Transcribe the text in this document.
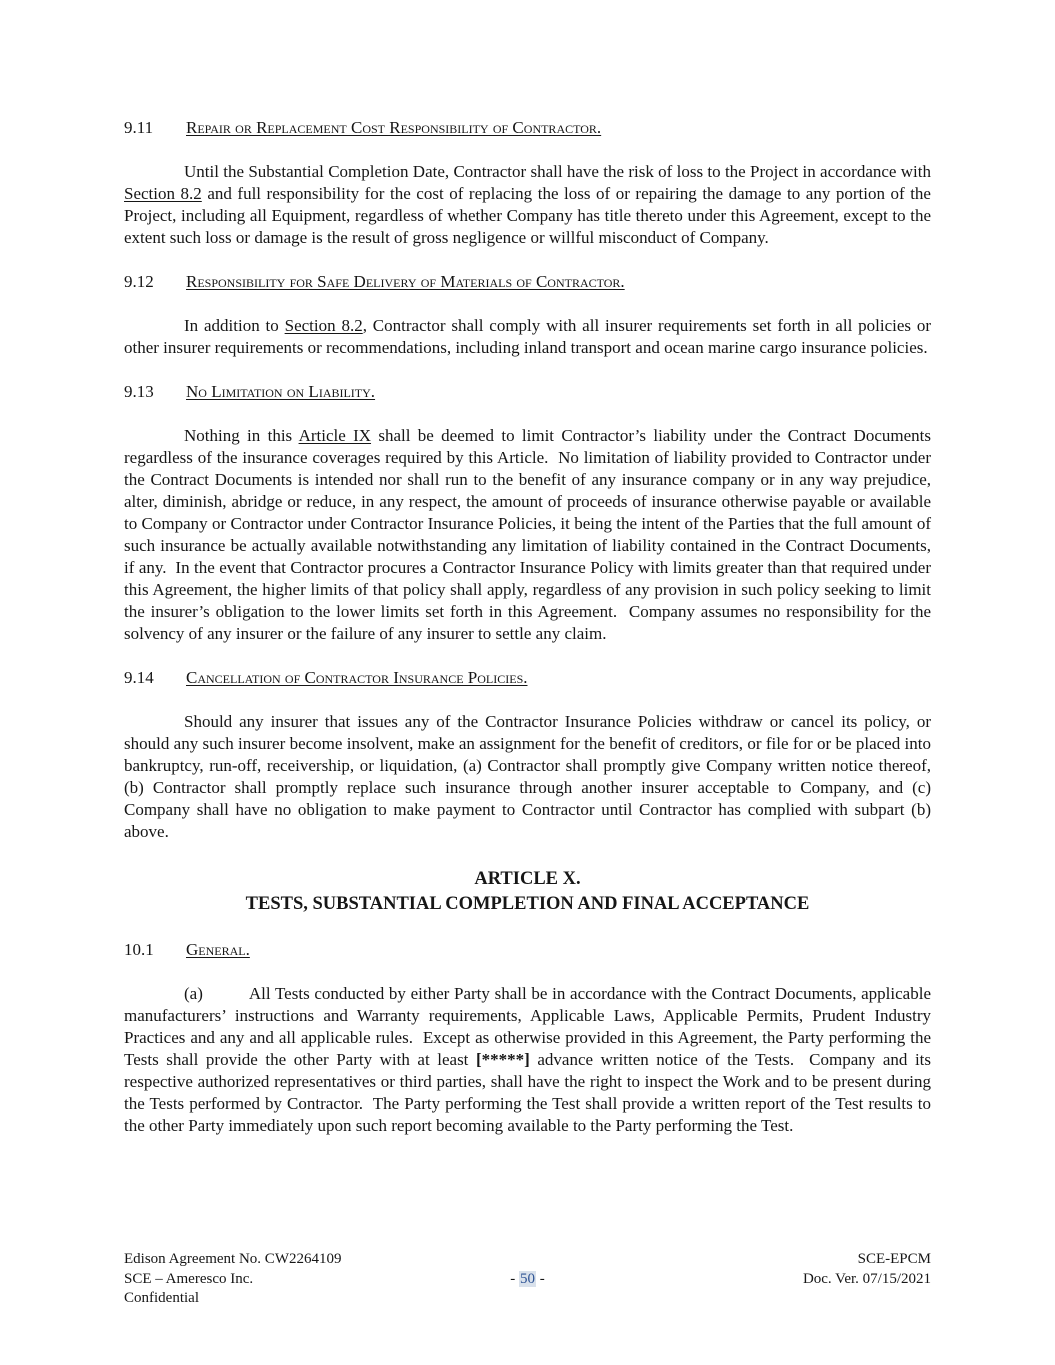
9.11	Repair or Replacement Cost Responsibility of Contractor.

Until the Substantial Completion Date, Contractor shall have the risk of loss to the Project in accordance with Section 8.2 and full responsibility for the cost of replacing the loss of or repairing the damage to any portion of the Project, including all Equipment, regardless of whether Company has title thereto under this Agreement, except to the extent such loss or damage is the result of gross negligence or willful misconduct of Company.

9.12	Responsibility for Safe Delivery of Materials of Contractor.

In addition to Section 8.2, Contractor shall comply with all insurer requirements set forth in all policies or other insurer requirements or recommendations, including inland transport and ocean marine cargo insurance policies.

9.13	No Limitation on Liability.

Nothing in this Article IX shall be deemed to limit Contractor’s liability under the Contract Documents regardless of the insurance coverages required by this Article.  No limitation of liability provided to Contractor under the Contract Documents is intended nor shall run to the benefit of any insurance company or in any way prejudice, alter, diminish, abridge or reduce, in any respect, the amount of proceeds of insurance otherwise payable or available to Company or Contractor under Contractor Insurance Policies, it being the intent of the Parties that the full amount of such insurance be actually available notwithstanding any limitation of liability contained in the Contract Documents, if any.  In the event that Contractor procures a Contractor Insurance Policy with limits greater than that required under this Agreement, the higher limits of that policy shall apply, regardless of any provision in such policy seeking to limit the insurer’s obligation to the lower limits set forth in this Agreement.  Company assumes no responsibility for the solvency of any insurer or the failure of any insurer to settle any claim.

9.14	Cancellation of Contractor Insurance Policies.

Should any insurer that issues any of the Contractor Insurance Policies withdraw or cancel its policy, or should any such insurer become insolvent, make an assignment for the benefit of creditors, or file for or be placed into bankruptcy, run-off, receivership, or liquidation, (a) Contractor shall promptly give Company written notice thereof, (b) Contractor shall promptly replace such insurance through another insurer acceptable to Company, and (c) Company shall have no obligation to make payment to Contractor until Contractor has complied with subpart (b) above.

ARTICLE X.
TESTS, SUBSTANTIAL COMPLETION AND FINAL ACCEPTANCE
10.1	General.

(a)	All Tests conducted by either Party shall be in accordance with the Contract Documents, applicable manufacturers’ instructions and Warranty requirements, Applicable Laws, Applicable Permits, Prudent Industry Practices and any and all applicable rules.  Except as otherwise provided in this Agreement, the Party performing the Tests shall provide the other Party with at least [*****] advance written notice of the Tests.  Company and its respective authorized representatives or third parties, shall have the right to inspect the Work and to be present during the Tests performed by Contractor.  The Party performing the Test shall provide a written report of the Test results to the other Party immediately upon such report becoming available to the Party performing the Test.

Edison Agreement No. CW2264109
SCE – Ameresco Inc.
Confidential
- 50 -
SCE-EPCM
Doc. Ver. 07/15/2021
